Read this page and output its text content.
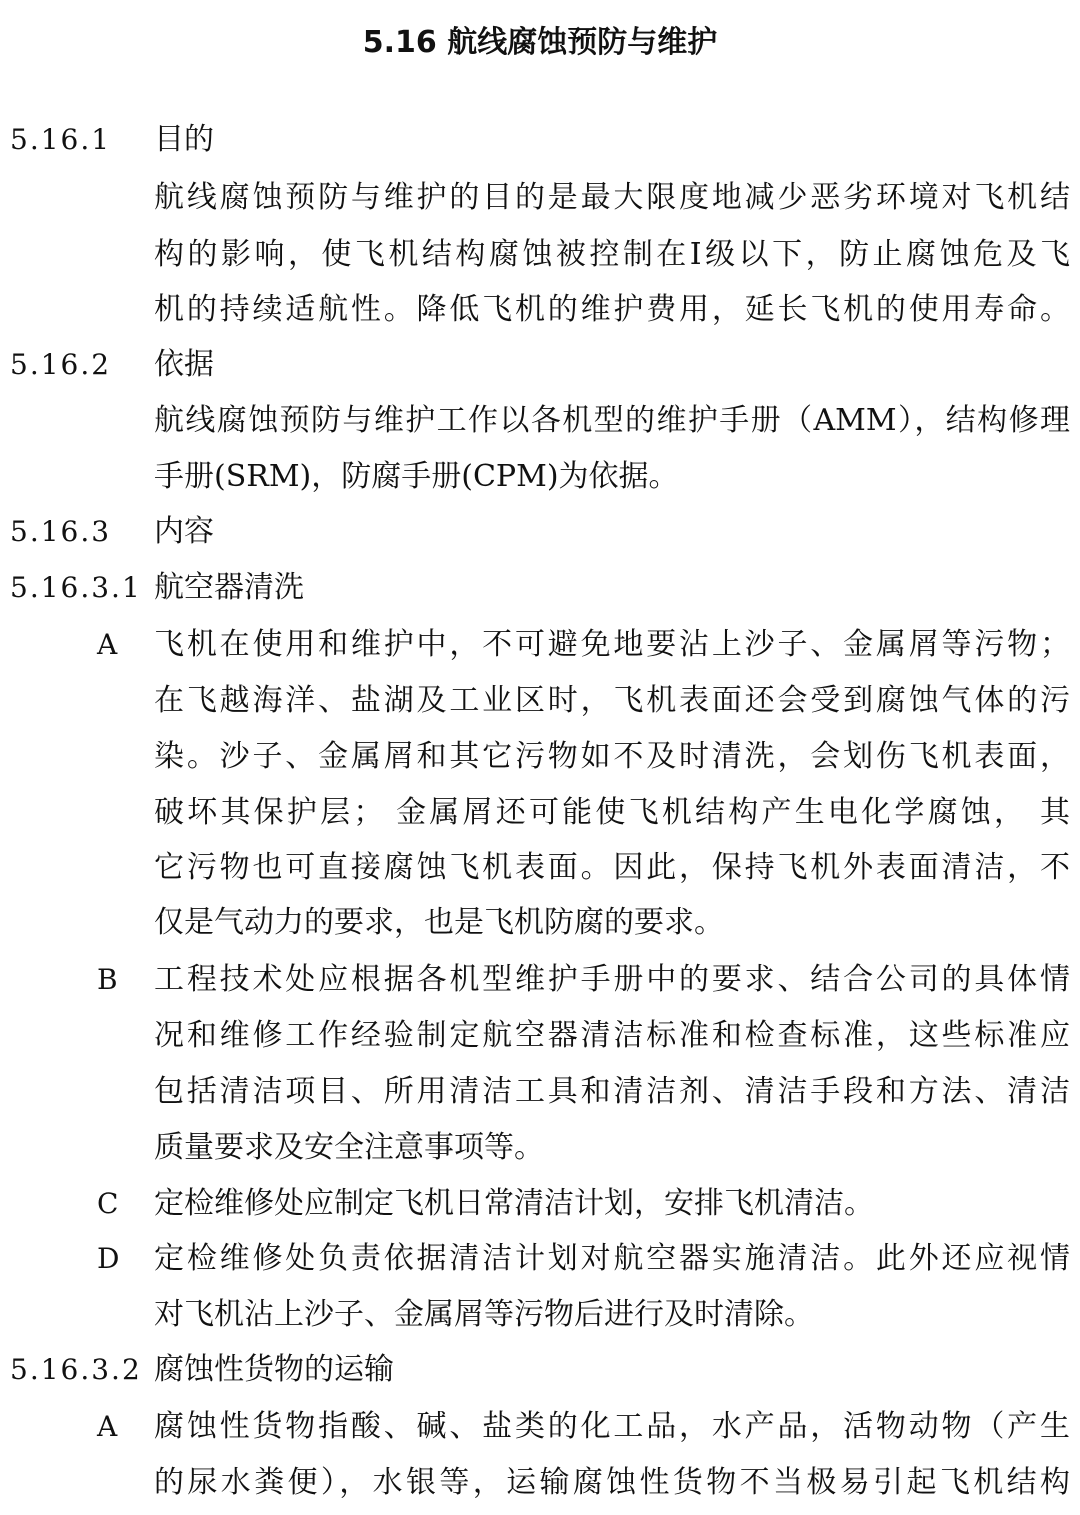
5.16 航线腐蚀预防与维护
5.16.1 目的
航线腐蚀预防与维护的目的是最大限度地减少恶劣环境对飞机结
构的影响，使飞机结构腐蚀被控制在Ⅰ级以下，防止腐蚀危及飞
机的持续适航性。降低飞机的维护费用，延长飞机的使用寿命。
5.16.2 依据
航线腐蚀预防与维护工作以各机型的维护手册（AMM），结构修理
手册(SRM)，防腐手册(CPM)为依据。
5.16.3 内容
5.16.3.1 航空器清洗
A 飞机在使用和维护中，不可避免地要沾上沙子、金属屑等污物；
在飞越海洋、盐湖及工业区时，飞机表面还会受到腐蚀气体的污
染。沙子、金属屑和其它污物如不及时清洗，会划伤飞机表面，
破坏其保护层； 金属屑还可能使飞机结构产生电化学腐蚀， 其
它污物也可直接腐蚀飞机表面。因此，保持飞机外表面清洁，不
仅是气动力的要求，也是飞机防腐的要求。
B 工程技术处应根据各机型维护手册中的要求、结合公司的具体情
况和维修工作经验制定航空器清洁标准和检查标准，这些标准应
包括清洁项目、所用清洁工具和清洁剂、清洁手段和方法、清洁
质量要求及安全注意事项等。
C 定检维修处应制定飞机日常清洁计划，安排飞机清洁。
D 定检维修处负责依据清洁计划对航空器实施清洁。此外还应视情
对飞机沾上沙子、金属屑等污物后进行及时清除。
5.16.3.2 腐蚀性货物的运输
A 腐蚀性货物指酸、碱、盐类的化工品，水产品，活物动物（产生
的尿水粪便），水银等，运输腐蚀性货物不当极易引起飞机结构
